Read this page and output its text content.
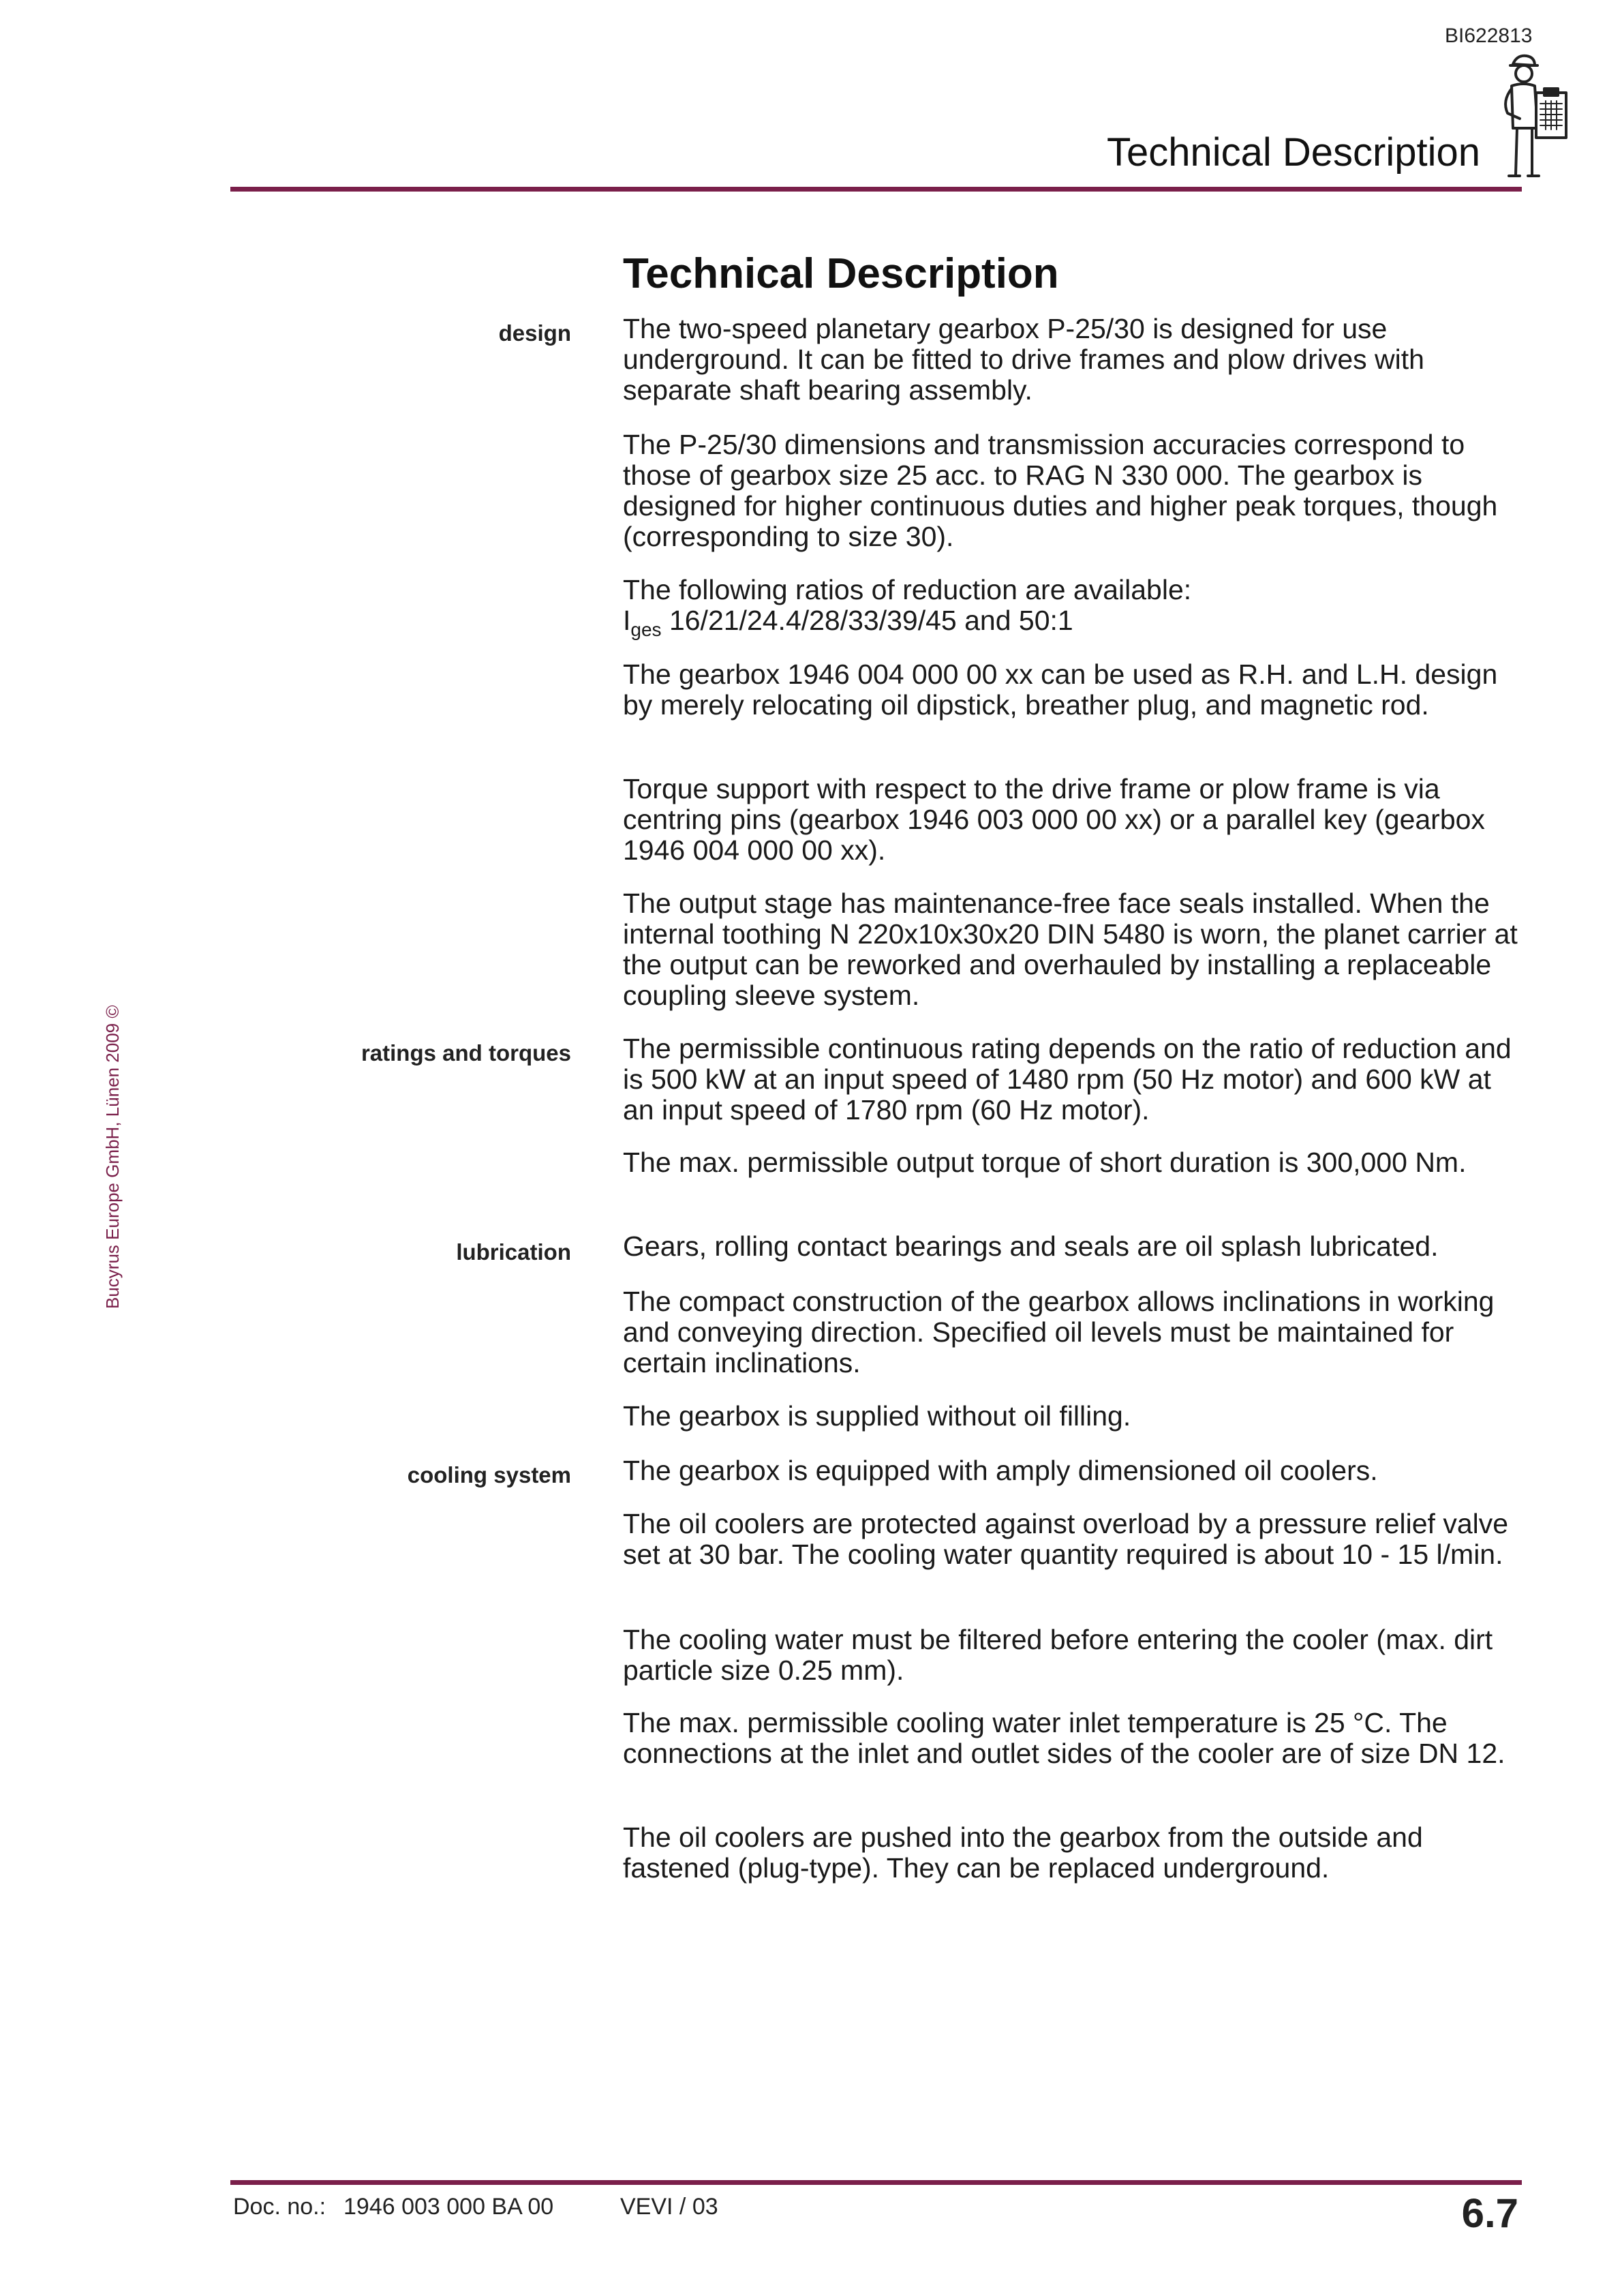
BI622813
Technical Description
Bucyrus Europe GmbH, Lünen 2009 ©
Technical Description
design The two-speed planetary gearbox P-25/30 is designed for use underground. It can be fitted to drive frames and plow drives with separate shaft bearing assembly.

The P-25/30 dimensions and transmission accuracies correspond to those of gearbox size 25 acc. to RAG N 330 000. The gearbox is designed for higher continuous duties and higher peak torques, though (corresponding to size 30).

The following ratios of reduction are available:
$I_{ges}$ 16/21/24.4/28/33/39/45 and 50:1

The gearbox 1946 004 000 00 xx can be used as R.H. and L.H. design by merely relocating oil dipstick, breather plug, and magnetic rod.

Torque support with respect to the drive frame or plow frame is via centring pins (gearbox 1946 003 000 00 xx) or a parallel key (gearbox 1946 004 000 00 xx).

The output stage has maintenance-free face seals installed. When the internal toothing N 220x10x30x20 DIN 5480 is worn, the planet carrier at the output can be reworked and overhauled by installing a replaceable coupling sleeve system.

ratings and torques The permissible continuous rating depends on the ratio of reduction and is 500 kW at an input speed of 1480 rpm (50 Hz motor) and 600 kW at an input speed of 1780 rpm (60 Hz motor).

The max. permissible output torque of short duration is 300,000 Nm.

lubrication Gears, rolling contact bearings and seals are oil splash lubricated.

The compact construction of the gearbox allows inclinations in working and conveying direction. Specified oil levels must be maintained for certain inclinations.

The gearbox is supplied without oil filling.

cooling system The gearbox is equipped with amply dimensioned oil coolers.

The oil coolers are protected against overload by a pressure relief valve set at 30 bar. The cooling water quantity required is about 10 - 15 l/min.

The cooling water must be filtered before entering the cooler (max. dirt particle size 0.25 mm).

The max. permissible cooling water inlet temperature is 25 °C. The connections at the inlet and outlet sides of the cooler are of size DN 12.

The oil coolers are pushed into the gearbox from the outside and fastened (plug-type). They can be replaced underground.

Doc. no.: 1946 003 000 BA 00	VEVI / 03	6.7
